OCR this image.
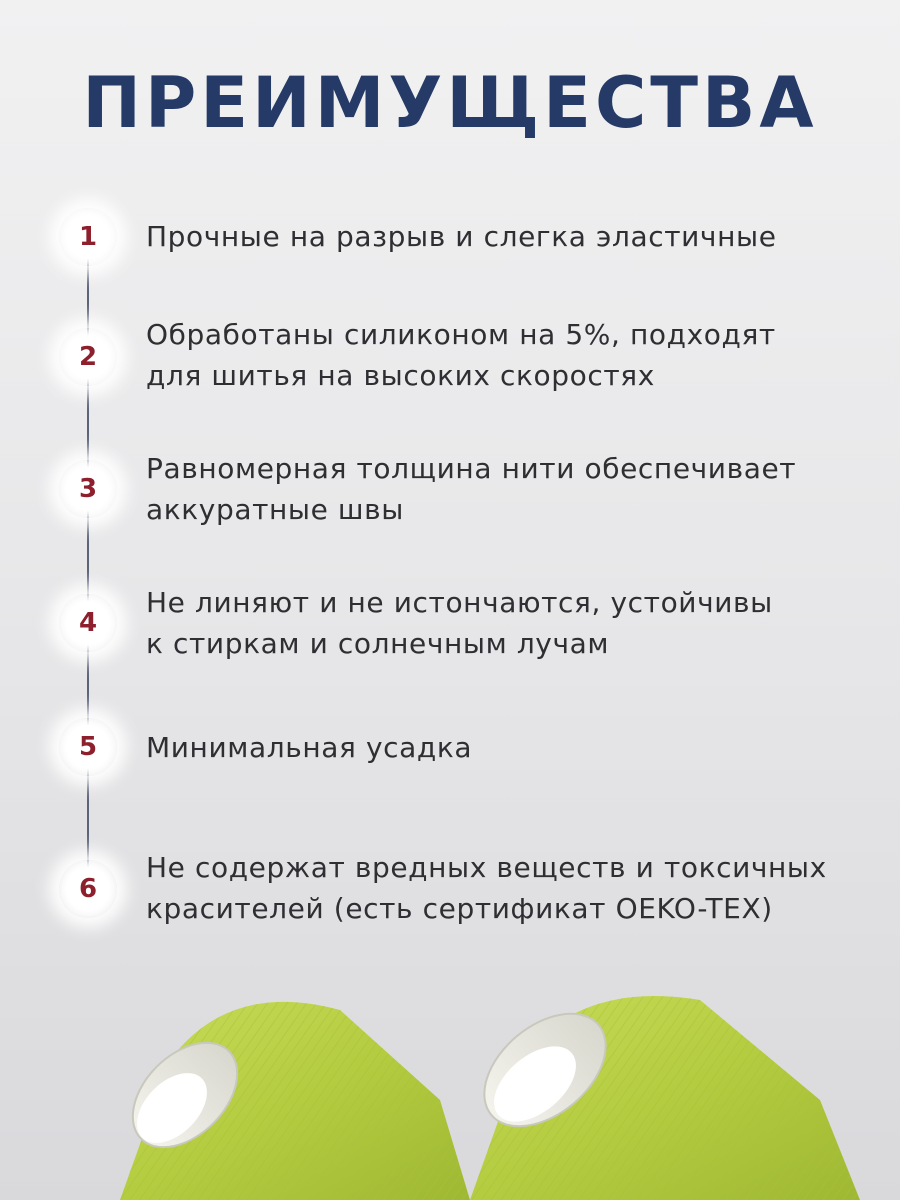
ПРЕИМУЩЕСТВА
1 Прочные на разрыв и слегка эластичные
2
Обработаны силиконом на 5%, подходят
для шитья на высоких скоростях
3
Равномерная толщина нити обеспечивает
аккуратные швы
4
Не линяют и не истончаются, устойчивы
к стиркам и солнечным лучам
5 Минимальная усадка
6
Не содержат вредных веществ и токсичных
красителей (есть сертификат OEKO-TEX)
